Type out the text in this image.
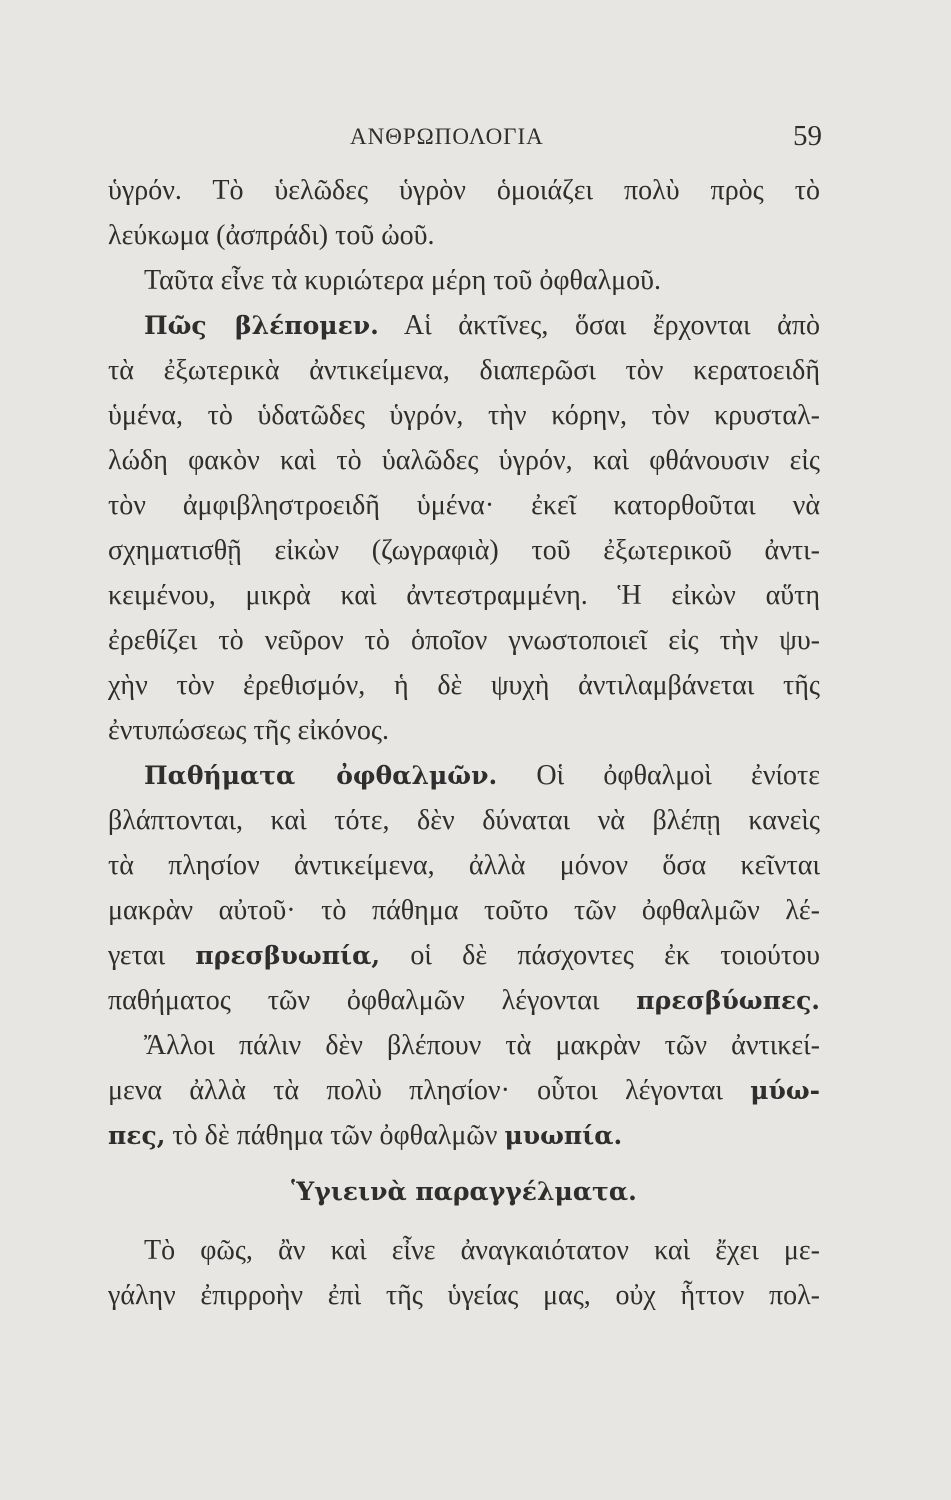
ΑΝΘΡΩΠΟΛΟΓΙΑ	59
ὑγρόν. Τὸ ὑελῶδες ὑγρὸν ὁμοιάζει πολὺ πρὸς τὸ
λεύκωμα (ἀσπράδι) τοῦ ὠοῦ.
Ταῦτα εἶνε τὰ κυριώτερα μέρη τοῦ ὀφθαλμοῦ.
Πῶς βλέπομεν. Αἱ ἀκτῖνες, ὅσαι ἔρχονται ἀπὸ
τὰ ἐξωτερικὰ ἀντικείμενα, διαπερῶσι τὸν κερατοειδῆ
ὑμένα, τὸ ὑδατῶδες ὑγρόν, τὴν κόρην, τὸν κρυσταλ-
λώδη φακὸν καὶ τὸ ὑαλῶδες ὑγρόν, καὶ φθάνουσιν εἰς
τὸν ἀμφιβληστροειδῆ ὑμένα· ἐκεῖ κατορθοῦται νὰ
σχηματισθῇ εἰκὼν (ζωγραφιὰ) τοῦ ἐξωτερικοῦ ἀντι-
κειμένου, μικρὰ καὶ ἀντεστραμμένη. Ἡ εἰκὼν αὕτη
ἐρεθίζει τὸ νεῦρον τὸ ὁποῖον γνωστοποιεῖ εἰς τὴν ψυ-
χὴν τὸν ἐρεθισμόν, ἡ δὲ ψυχὴ ἀντιλαμβάνεται τῆς
ἐντυπώσεως τῆς εἰκόνος.
Παθήματα ὀφθαλμῶν. Οἱ ὀφθαλμοὶ ἐνίοτε
βλάπτονται, καὶ τότε, δὲν δύναται νὰ βλέπῃ κανεὶς
τὰ πλησίον ἀντικείμενα, ἀλλὰ μόνον ὅσα κεῖνται
μακρὰν αὐτοῦ· τὸ πάθημα τοῦτο τῶν ὀφθαλμῶν λέ-
γεται πρεσβυωπία, οἱ δὲ πάσχοντες ἐκ τοιούτου
παθήματος τῶν ὀφθαλμῶν λέγονται πρεσβύωπες.
Ἄλλοι πάλιν δὲν βλέπουν τὰ μακρὰν τῶν ἀντικεί-
μενα ἀλλὰ τὰ πολὺ πλησίον· οὗτοι λέγονται μύω-
πες, τὸ δὲ πάθημα τῶν ὀφθαλμῶν μυωπία.
Ὑγιεινὰ παραγγέλματα.
Τὸ φῶς, ἂν καὶ εἶνε ἀναγκαιότατον καὶ ἔχει με-
γάλην ἐπιρροὴν ἐπὶ τῆς ὑγείας μας, οὐχ ἧττον πολ-
